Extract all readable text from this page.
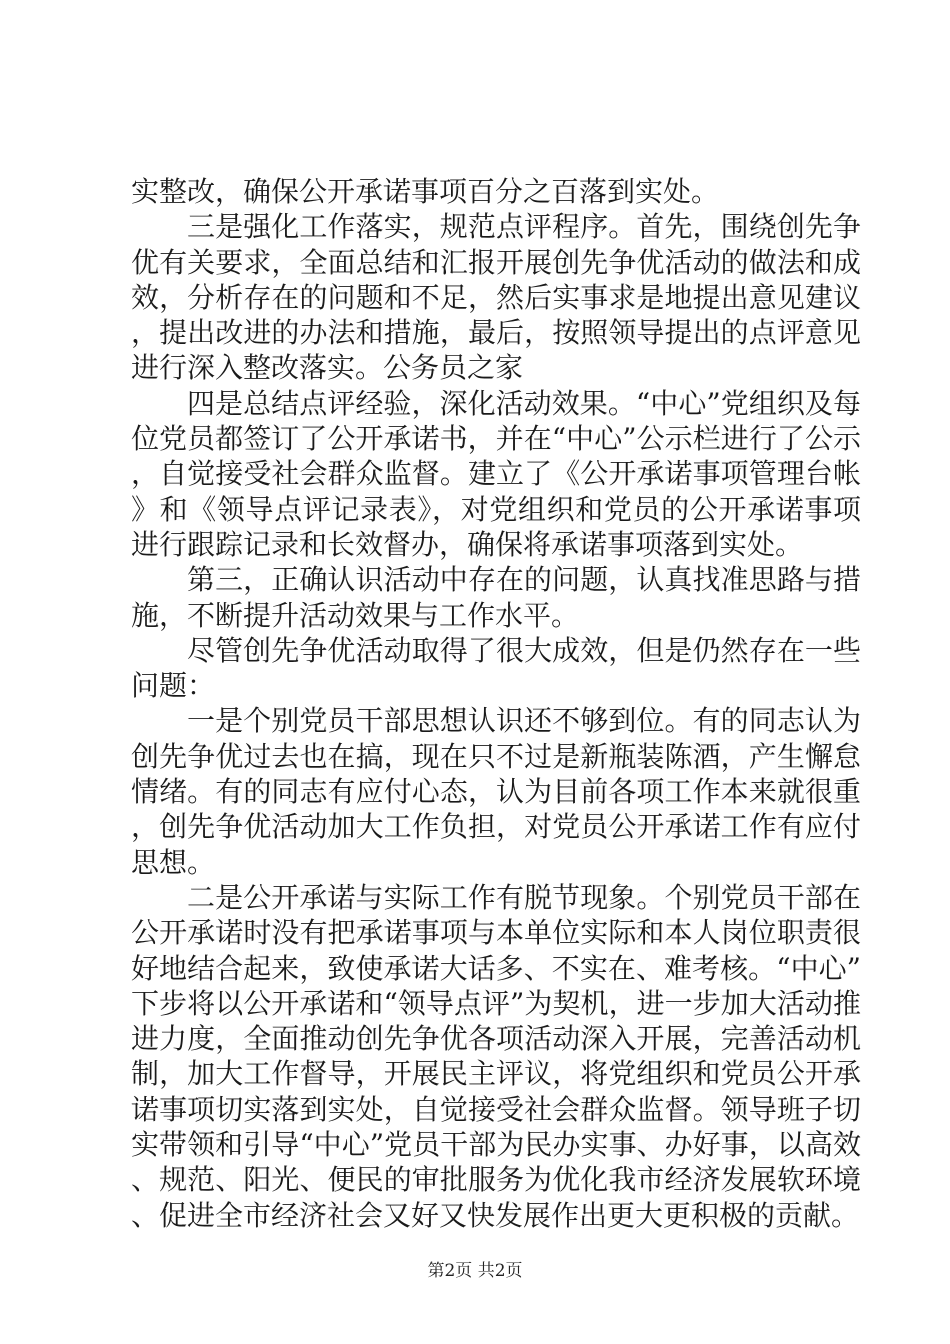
实整改，确保公开承诺事项百分之百落到实处。

三是强化工作落实，规范点评程序。首先，围绕创先争优有关要求，全面总结和汇报开展创先争优活动的做法和成效，分析存在的问题和不足，然后实事求是地提出意见建议，提出改进的办法和措施，最后，按照领导提出的点评意见进行深入整改落实。公务员之家

四是总结点评经验，深化活动效果。“中心”党组织及每位党员都签订了公开承诺书，并在“中心”公示栏进行了公示，自觉接受社会群众监督。建立了《公开承诺事项管理台帐》和《领导点评记录表》，对党组织和党员的公开承诺事项进行跟踪记录和长效督办，确保将承诺事项落到实处。

第三，正确认识活动中存在的问题，认真找准思路与措施，不断提升活动效果与工作水平。

尽管创先争优活动取得了很大成效，但是仍然存在一些问题：

一是个别党员干部思想认识还不够到位。有的同志认为创先争优过去也在搞，现在只不过是新瓶装陈酒，产生懈怠情绪。有的同志有应付心态，认为目前各项工作本来就很重，创先争优活动加大工作负担，对党员公开承诺工作有应付思想。

二是公开承诺与实际工作有脱节现象。个别党员干部在公开承诺时没有把承诺事项与本单位实际和本人岗位职责很好地结合起来，致使承诺大话多、不实在、难考核。“中心”下步将以公开承诺和“领导点评”为契机，进一步加大活动推进力度，全面推动创先争优各项活动深入开展，完善活动机制，加大工作督导，开展民主评议，将党组织和党员公开承诺事项切实落到实处，自觉接受社会群众监督。领导班子切实带领和引导“中心”党员干部为民办实事、办好事，以高效、规范、阳光、便民的审批服务为优化我市经济发展软环境、促进全市经济社会又好又快发展作出更大更积极的贡献。

第2页 共2页
